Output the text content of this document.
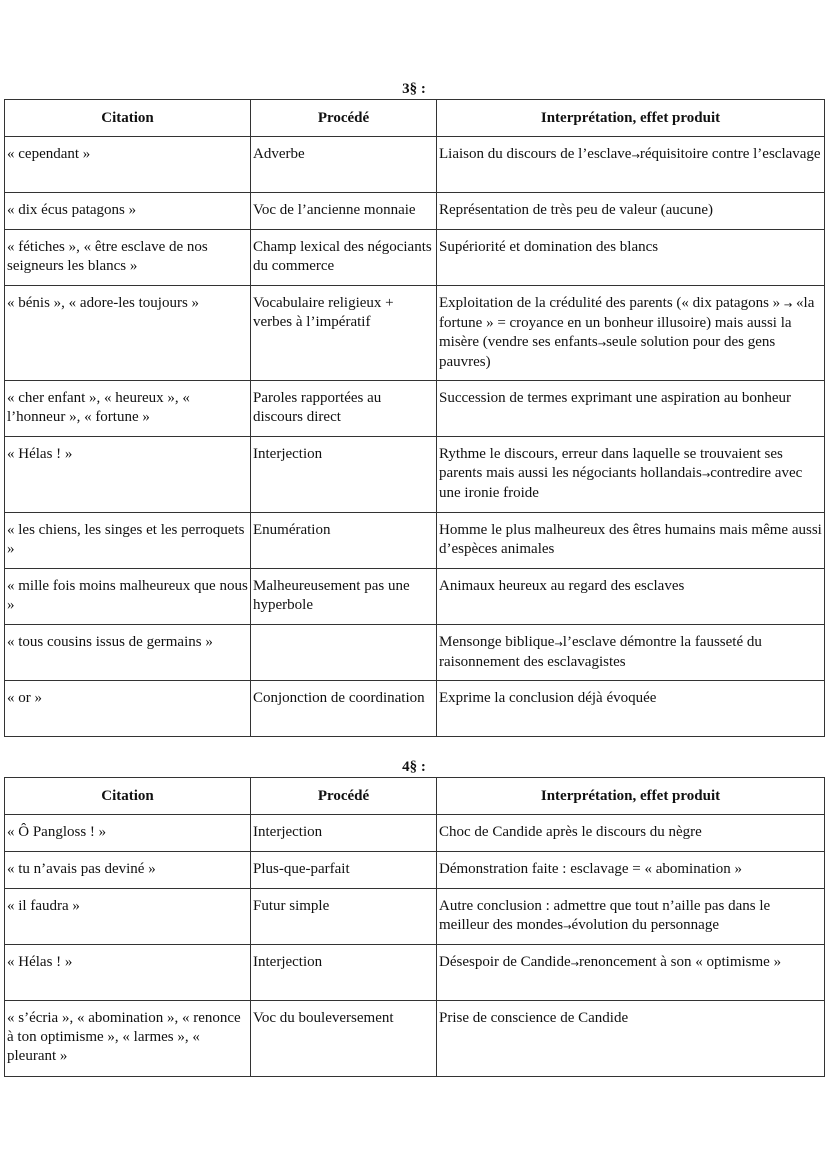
3§ :
Citation	Procédé	Interprétation, effet produit
« cependant »	Adverbe	Liaison du discours de l’esclave→réquisitoire contre l’esclavage
« dix écus patagons »	Voc de l’ancienne monnaie	Représentation de très peu de valeur (aucune)
« fétiches », « être esclave de nos seigneurs les blancs »	Champ lexical des négociants du commerce	Supériorité et domination des blancs
« bénis », « adore-les toujours »	Vocabulaire religieux + verbes à l’impératif	Exploitation de la crédulité des parents (« dix patagons » → «la fortune » = croyance en un bonheur illusoire) mais aussi la misère (vendre ses enfants→seule solution pour des gens pauvres)
« cher enfant », « heureux », « l’honneur », « fortune »	Paroles rapportées au discours direct	Succession de termes exprimant une aspiration au bonheur
« Hélas ! »	Interjection	Rythme le discours, erreur dans laquelle se trouvaient ses parents mais aussi les négociants hollandais→contredire avec une ironie froide
« les chiens, les singes et les perroquets »	Enumération	Homme le plus malheureux des êtres humains mais même aussi d’espèces animales
« mille fois moins malheureux que nous »	Malheureusement pas une hyperbole	Animaux heureux au regard des esclaves
« tous cousins issus de germains »		Mensonge biblique→l’esclave démontre la fausseté du raisonnement des esclavagistes
« or »	Conjonction de coordination	Exprime la conclusion déjà évoquée
4§ :
Citation	Procédé	Interprétation, effet produit
« Ô Pangloss ! »	Interjection	Choc de Candide après le discours du nègre
« tu n’avais pas deviné »	Plus-que-parfait	Démonstration faite : esclavage = « abomination »
« il faudra »	Futur simple	Autre conclusion : admettre que tout n’aille pas dans le meilleur des mondes→évolution du personnage
« Hélas ! »	Interjection	Désespoir de Candide→renoncement à son « optimisme »
« s’écria », « abomination », « renonce à ton optimisme », « larmes », « pleurant »	Voc du bouleversement	Prise de conscience de Candide
